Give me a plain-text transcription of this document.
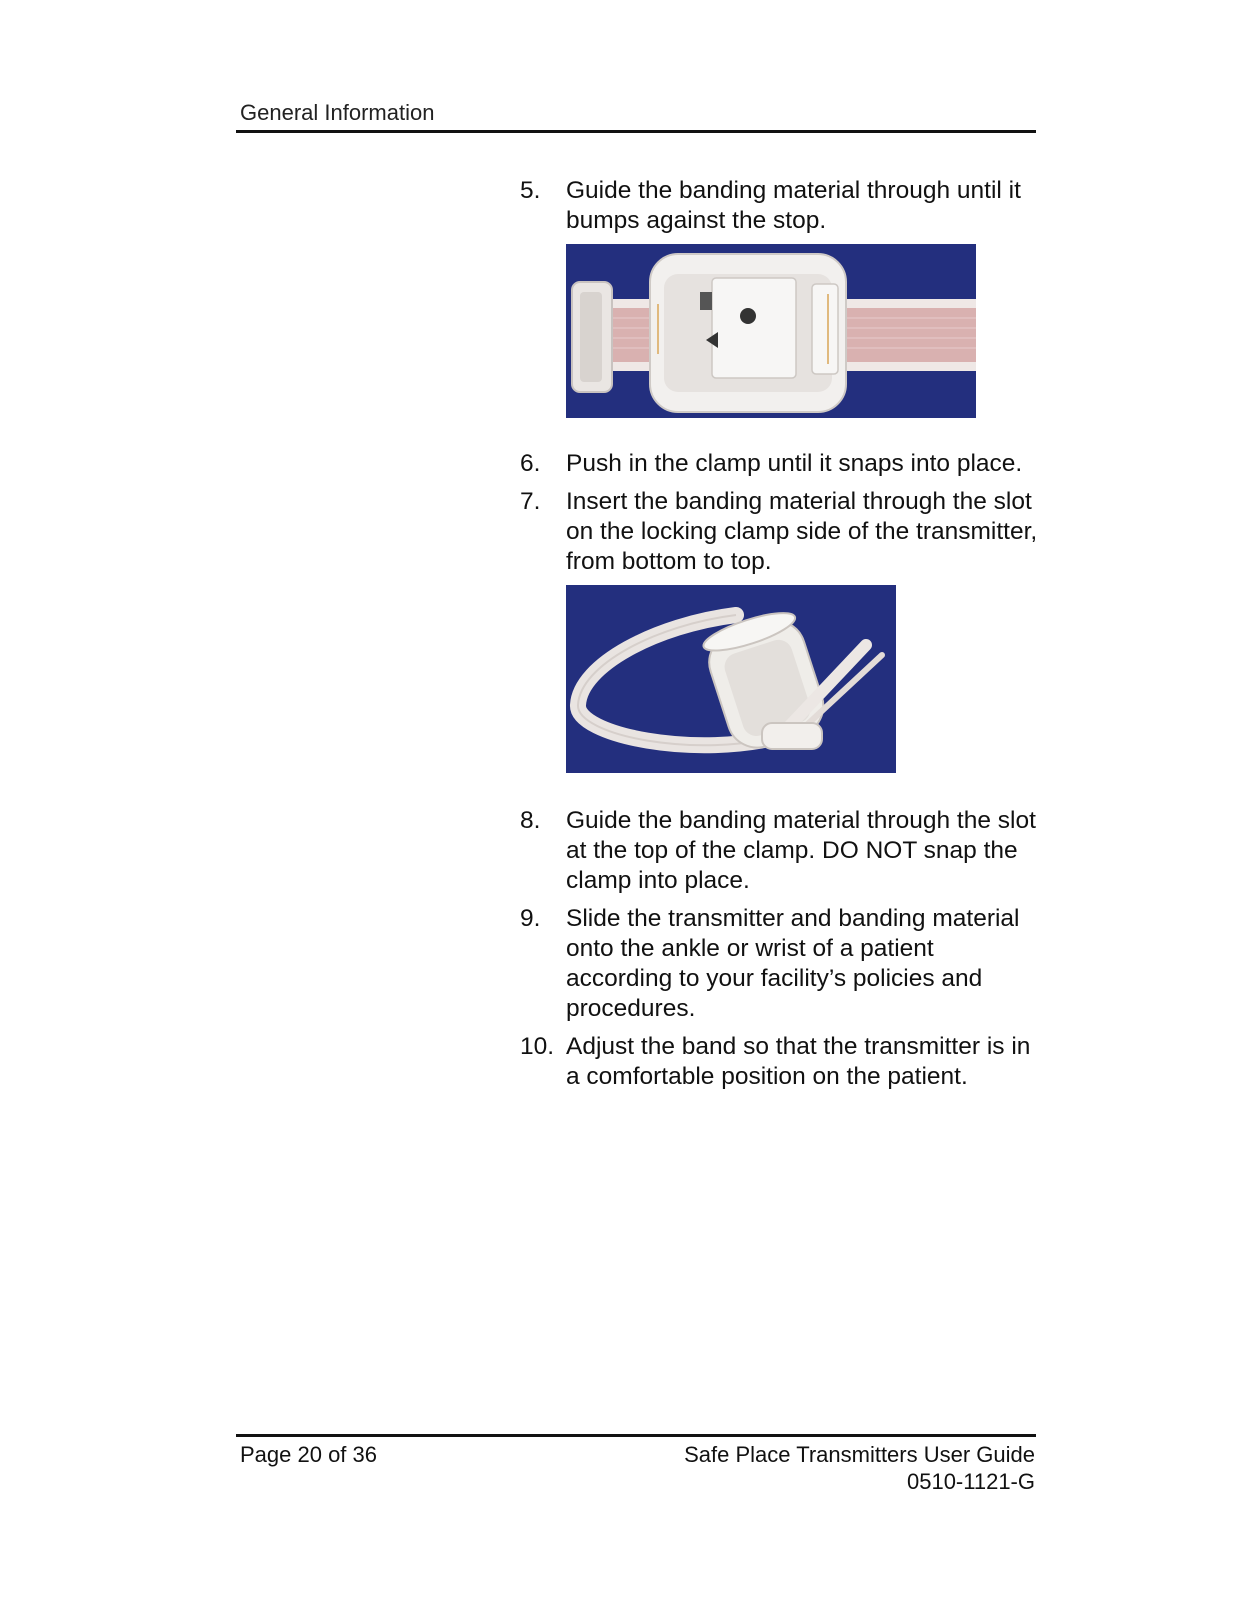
General Information
5. Guide the banding material through until it bumps against the stop.
6. Push in the clamp until it snaps into place.
7. Insert the banding material through the slot on the locking clamp side of the transmitter, from bottom to top.
8. Guide the banding material through the slot at the top of the clamp. DO NOT snap the clamp into place.
9. Slide the transmitter and banding material onto the ankle or wrist of a patient according to your facility’s policies and procedures.
10. Adjust the band so that the transmitter is in a comfortable position on the patient.
Page 20 of 36	Safe Place Transmitters User Guide
0510-1121-G
